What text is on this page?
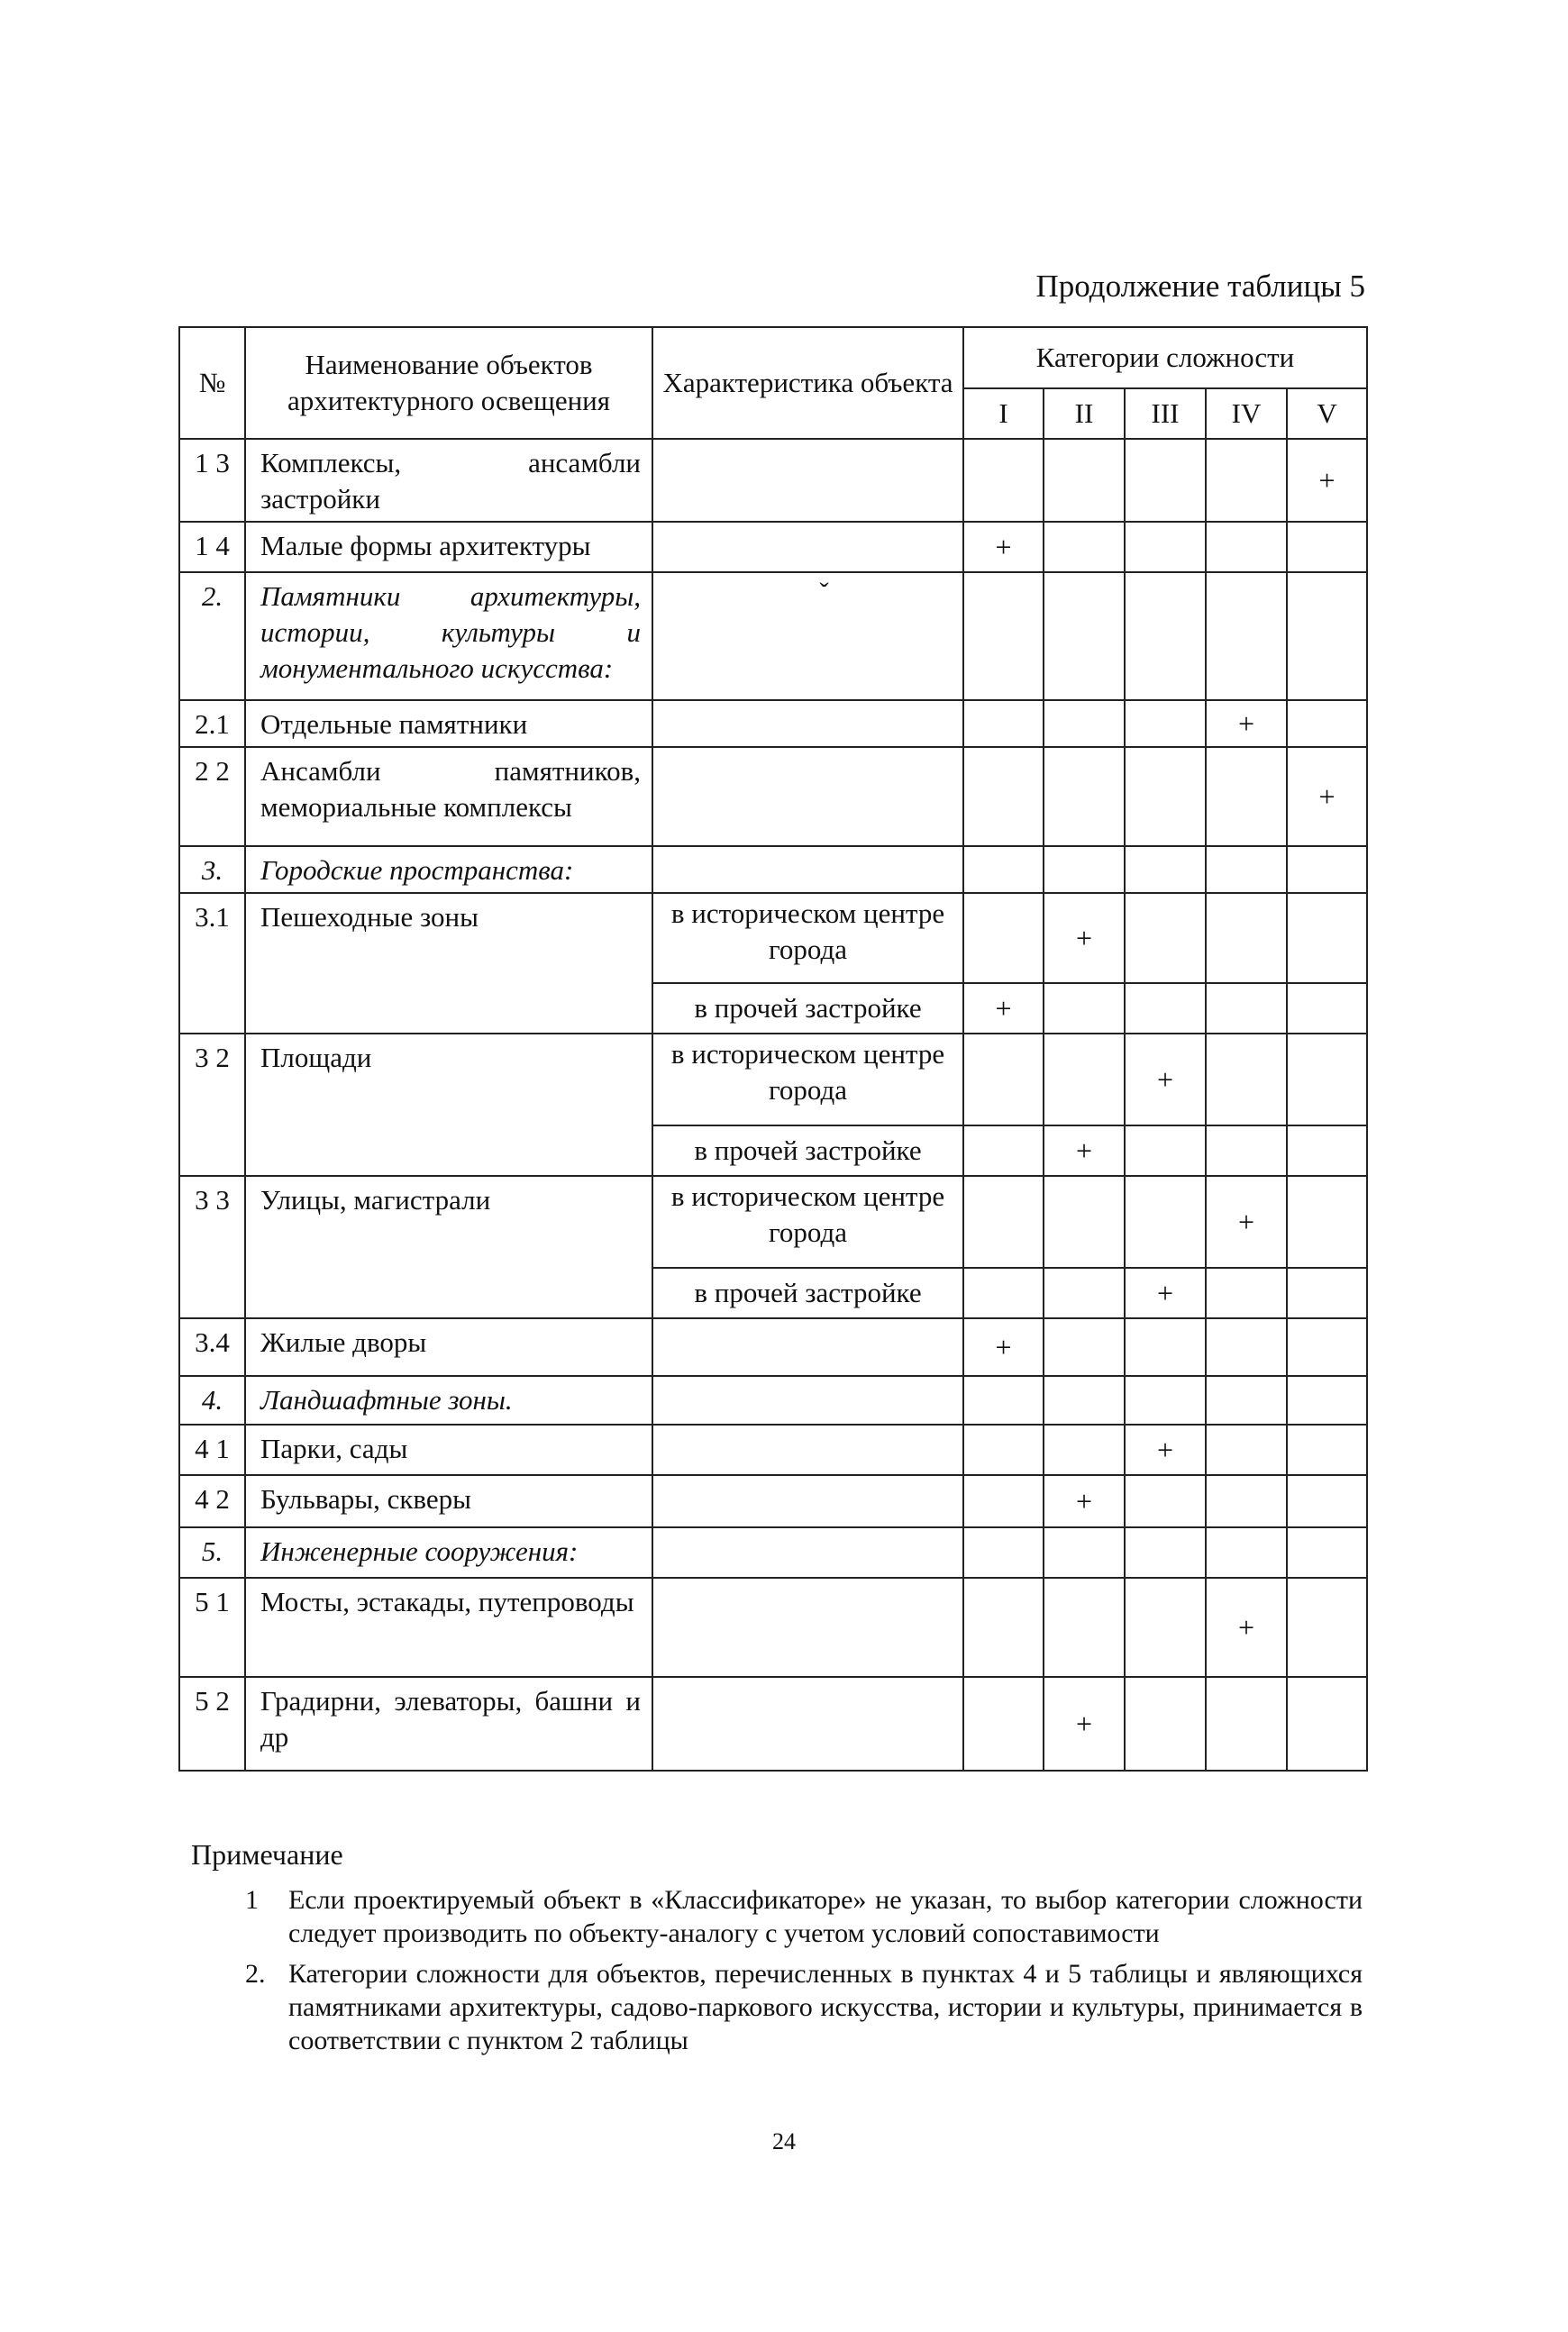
Продолжение таблицы 5
№	Наименование объектов архитектурного освещения	Характеристика объекта	Категории сложности				
			I	II	III	IV	V
1 3	Комплексы, ансамбли застройки						+
1 4	Малые формы архитектуры		+				
2.	Памятники архитектуры, истории, культуры и монументального искусства:	ˇ					
2.1	Отдельные памятники					+	
2 2	Ансамбли памятников, мемориальные комплексы						+
3.	Городские пространства:						
3.1	Пешеходные зоны	в историческом центре города		+			
		в прочей застройке	+				
3 2	Площади	в историческом центре города			+		
		в прочей застройке		+			
3 3	Улицы, магистрали	в историческом центре города				+	
		в прочей застройке			+		
3.4	Жилые дворы		+				
4.	Ландшафтные зоны.						
4 1	Парки, сады				+		
4 2	Бульвары, скверы			+			
5.	Инженерные сооружения:						
5 1	Мосты, эстакады, путепроводы					+	
5 2	Градирни, элеваторы, башни и др			+			
Примечание
1	Если проектируемый объект в «Классификаторе» не указан, то выбор категории сложности следует производить по объекту-аналогу с учетом условий сопоставимости
2. Категории сложности для объектов, перечисленных в пунктах 4 и 5 таблицы и являющихся памятниками архитектуры, садово-паркового искусства, истории и культуры, принимается в соответствии с пунктом 2 таблицы
24
